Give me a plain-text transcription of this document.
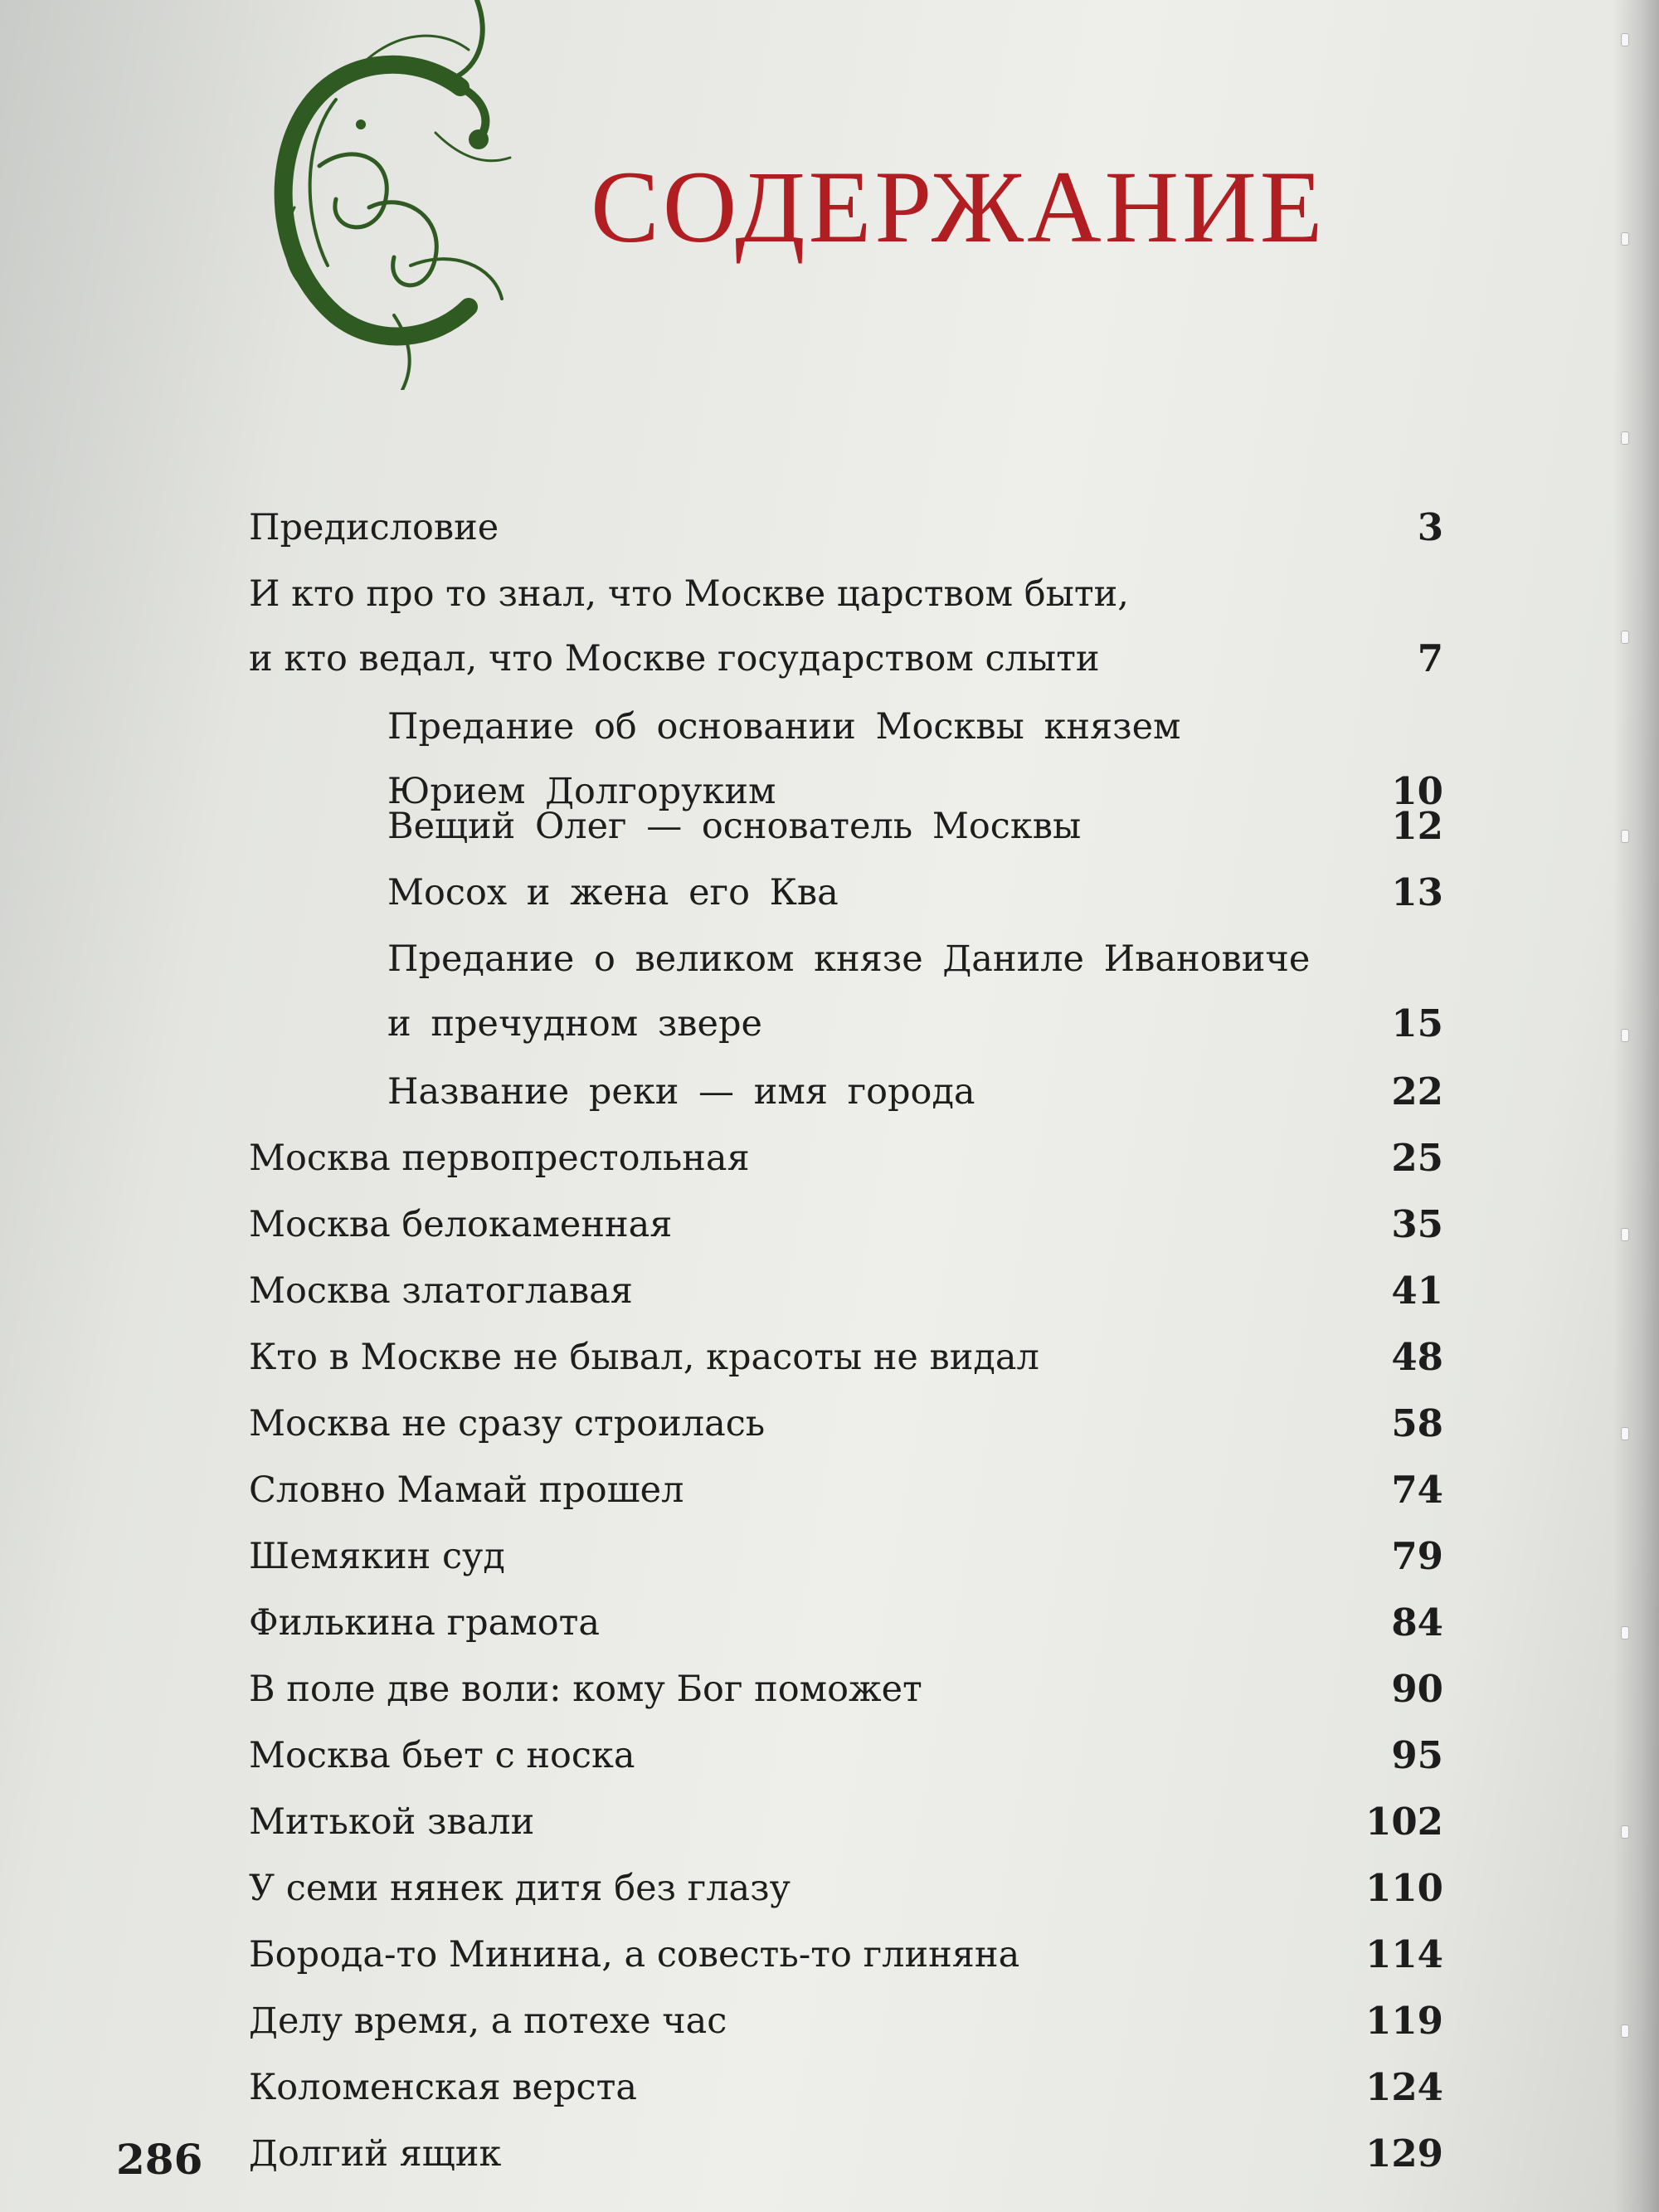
СОДЕРЖАНИЕ
Предисловие	3
И кто про то знал, что Москве царством быти,
и кто ведал, что Москве государством слыти	7
Предание об основании Москвы князем
Юрием Долгоруким	10
Вещий Олег — основатель Москвы	12
Мосох и жена его Ква	13
Предание о великом князе Даниле Ивановиче
и пречудном звере	15
Название реки — имя города	22
Москва первопрестольная	25
Москва белокаменная	35
Москва златоглавая	41
Кто в Москве не бывал, красоты не видал	48
Москва не сразу строилась	58
Словно Мамай прошел	74
Шемякин суд	79
Филькина грамота	84
В поле две воли: кому Бог поможет	90
Москва бьет с носка	95
Митькой звали	102
У семи нянек дитя без глазу	110
Борода-то Минина, а совесть-то глиняна	114
Делу время, а потехе час	119
Коломенская верста	124
Долгий ящик	129
286
